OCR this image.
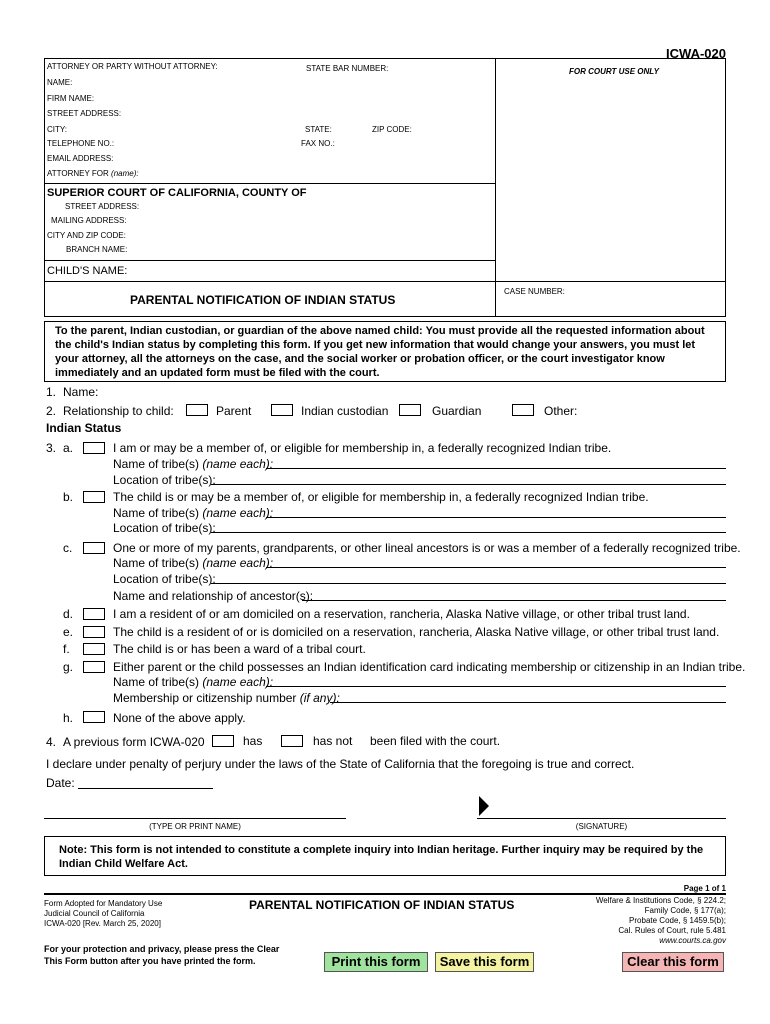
ICWA-020
ATTORNEY OR PARTY WITHOUT ATTORNEY:	STATE BAR NUMBER:	FOR COURT USE ONLY
NAME:
FIRM NAME:
STREET ADDRESS:
CITY:	STATE:	ZIP CODE:
TELEPHONE NO.:	FAX NO.:
EMAIL ADDRESS:
ATTORNEY FOR (name):
SUPERIOR COURT OF CALIFORNIA, COUNTY OF
STREET ADDRESS:
MAILING ADDRESS:
CITY AND ZIP CODE:
BRANCH NAME:
CHILD'S NAME:
PARENTAL NOTIFICATION OF INDIAN STATUS
CASE NUMBER:
To the parent, Indian custodian, or guardian of the above named child: You must provide all the requested information about the child's Indian status by completing this form. If you get new information that would change your answers, you must let your attorney, all the attorneys on the case, and the social worker or probation officer, or the court investigator know immediately and an updated form must be filed with the court.
1. Name:
2. Relationship to child:	Parent	Indian custodian	Guardian	Other:
Indian Status
3. a.	I am or may be a member of, or eligible for membership in, a federally recognized Indian tribe.
Name of tribe(s) (name each):
Location of tribe(s):
b.	The child is or may be a member of, or eligible for membership in, a federally recognized Indian tribe.
Name of tribe(s) (name each):
Location of tribe(s):
c.	One or more of my parents, grandparents, or other lineal ancestors is or was a member of a federally recognized tribe.
Name of tribe(s) (name each):
Location of tribe(s):
Name and relationship of ancestor(s):
d.	I am a resident of or am domiciled on a reservation, rancheria, Alaska Native village, or other tribal trust land.
e.	The child is a resident of or is domiciled on a reservation, rancheria, Alaska Native village, or other tribal trust land.
f.	The child is or has been a ward of a tribal court.
g.	Either parent or the child possesses an Indian identification card indicating membership or citizenship in an Indian tribe.
Name of tribe(s) (name each):
Membership or citizenship number (if any):
h.	None of the above apply.
4. A previous form ICWA-020	has	has not been filed with the court.
I declare under penalty of perjury under the laws of the State of California that the foregoing is true and correct.
Date:
(TYPE OR PRINT NAME)	(SIGNATURE)
Note: This form is not intended to constitute a complete inquiry into Indian heritage. Further inquiry may be required by the Indian Child Welfare Act.
Page 1 of 1
Form Adopted for Mandatory Use
Judicial Council of California
ICWA-020 [Rev. March 25, 2020]
PARENTAL NOTIFICATION OF INDIAN STATUS	Welfare & Institutions Code, § 224.2;
Family Code, § 177(a);
Probate Code, § 1459.5(b);
Cal. Rules of Court, rule 5.481
www.courts.ca.gov
For your protection and privacy, please press the Clear
This Form button after you have printed the form.	Print this form	Save this form	Clear this form
